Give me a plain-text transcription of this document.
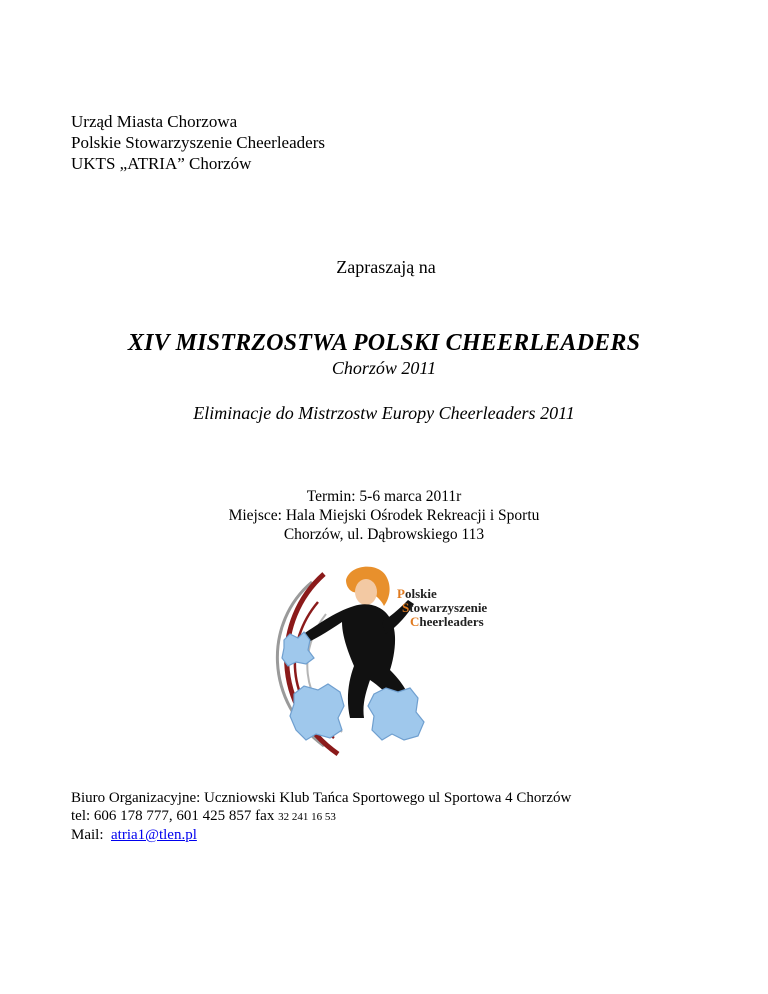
Urząd Miasta Chorzowa
Polskie Stowarzyszenie Cheerleaders
UKTS „ATRIA” Chorzów
Zapraszają na
XIV MISTRZOSTWA POLSKI CHEERLEADERS
Chorzów 2011
Eliminacje do Mistrzostw Europy Cheerleaders 2011
Termin: 5-6 marca 2011r
Miejsce: Hala Miejski Ośrodek Rekreacji i Sportu
Chorzów, ul. Dąbrowskiego 113
Polskie
Stowarzyszenie
Cheerleaders
Biuro Organizacyjne: Uczniowski Klub Tańca Sportowego ul Sportowa 4 Chorzów
tel: 606 178 777, 601 425 857 fax 32 241 16 53
Mail:  atria1@tlen.pl
